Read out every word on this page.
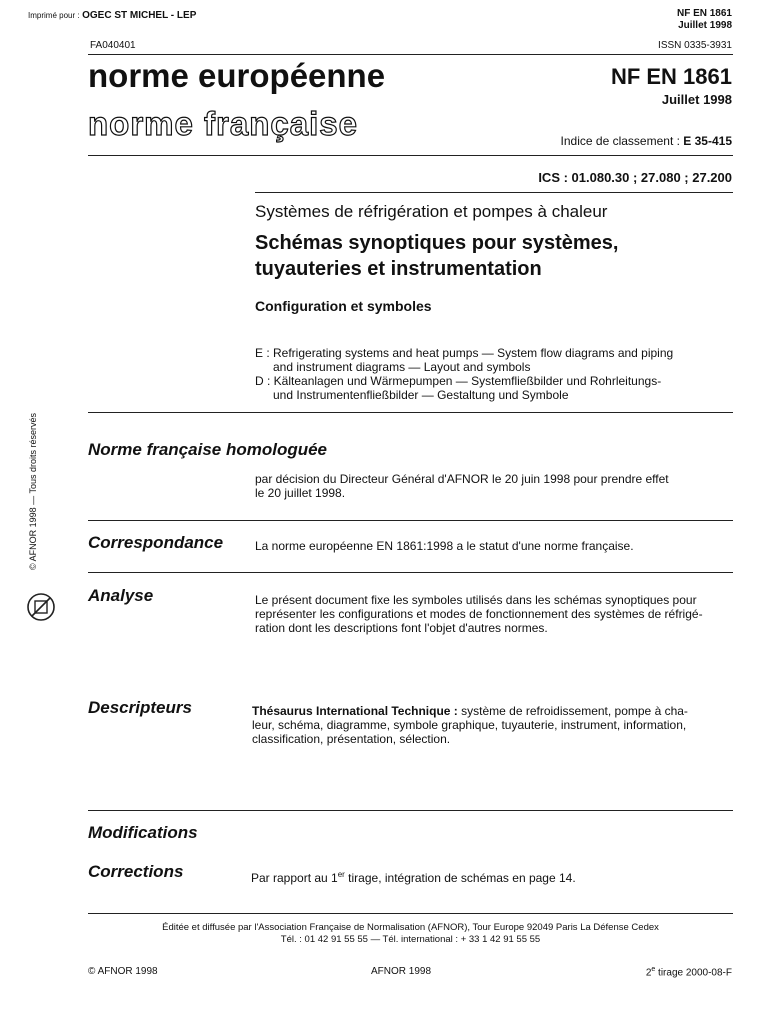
Imprimé pour : OGEC ST MICHEL - LEP	NF EN 1861
Juillet 1998
FA040401	ISSN 0335-3931
norme européenne
norme française
NF EN 1861
Juillet 1998
Indice de classement : E 35-415
ICS : 01.080.30 ; 27.080 ; 27.200
Systèmes de réfrigération et pompes à chaleur
Schémas synoptiques pour systèmes,
tuyauteries et instrumentation
Configuration et symboles
E : Refrigerating systems and heat pumps — System flow diagrams and piping
and instrument diagrams — Layout and symbols
D : Kälteanlagen und Wärmepumpen — Systemfließbilder und Rohrleitungs-
und Instrumentenfließbilder — Gestaltung und Symbole
Norme française homologuée
par décision du Directeur Général d'AFNOR le 20 juin 1998 pour prendre effet
le 20 juillet 1998.
Correspondance	La norme européenne EN 1861:1998 a le statut d'une norme française.
Analyse	Le présent document fixe les symboles utilisés dans les schémas synoptiques pour
représenter les configurations et modes de fonctionnement des systèmes de réfrigé-
ration dont les descriptions font l'objet d'autres normes.
Descripteurs	Thésaurus International Technique : système de refroidissement, pompe à cha-
leur, schéma, diagramme, symbole graphique, tuyauterie, instrument, information,
classification, présentation, sélection.
Modifications
Corrections	Par rapport au 1er tirage, intégration de schémas en page 14.
Éditée et diffusée par l'Association Française de Normalisation (AFNOR), Tour Europe 92049 Paris La Défense Cedex
Tél. : 01 42 91 55 55 — Tél. international : + 33 1 42 91 55 55
© AFNOR 1998	AFNOR 1998	2e tirage 2000-08-F
© AFNOR 1998 — Tous droits réservés
